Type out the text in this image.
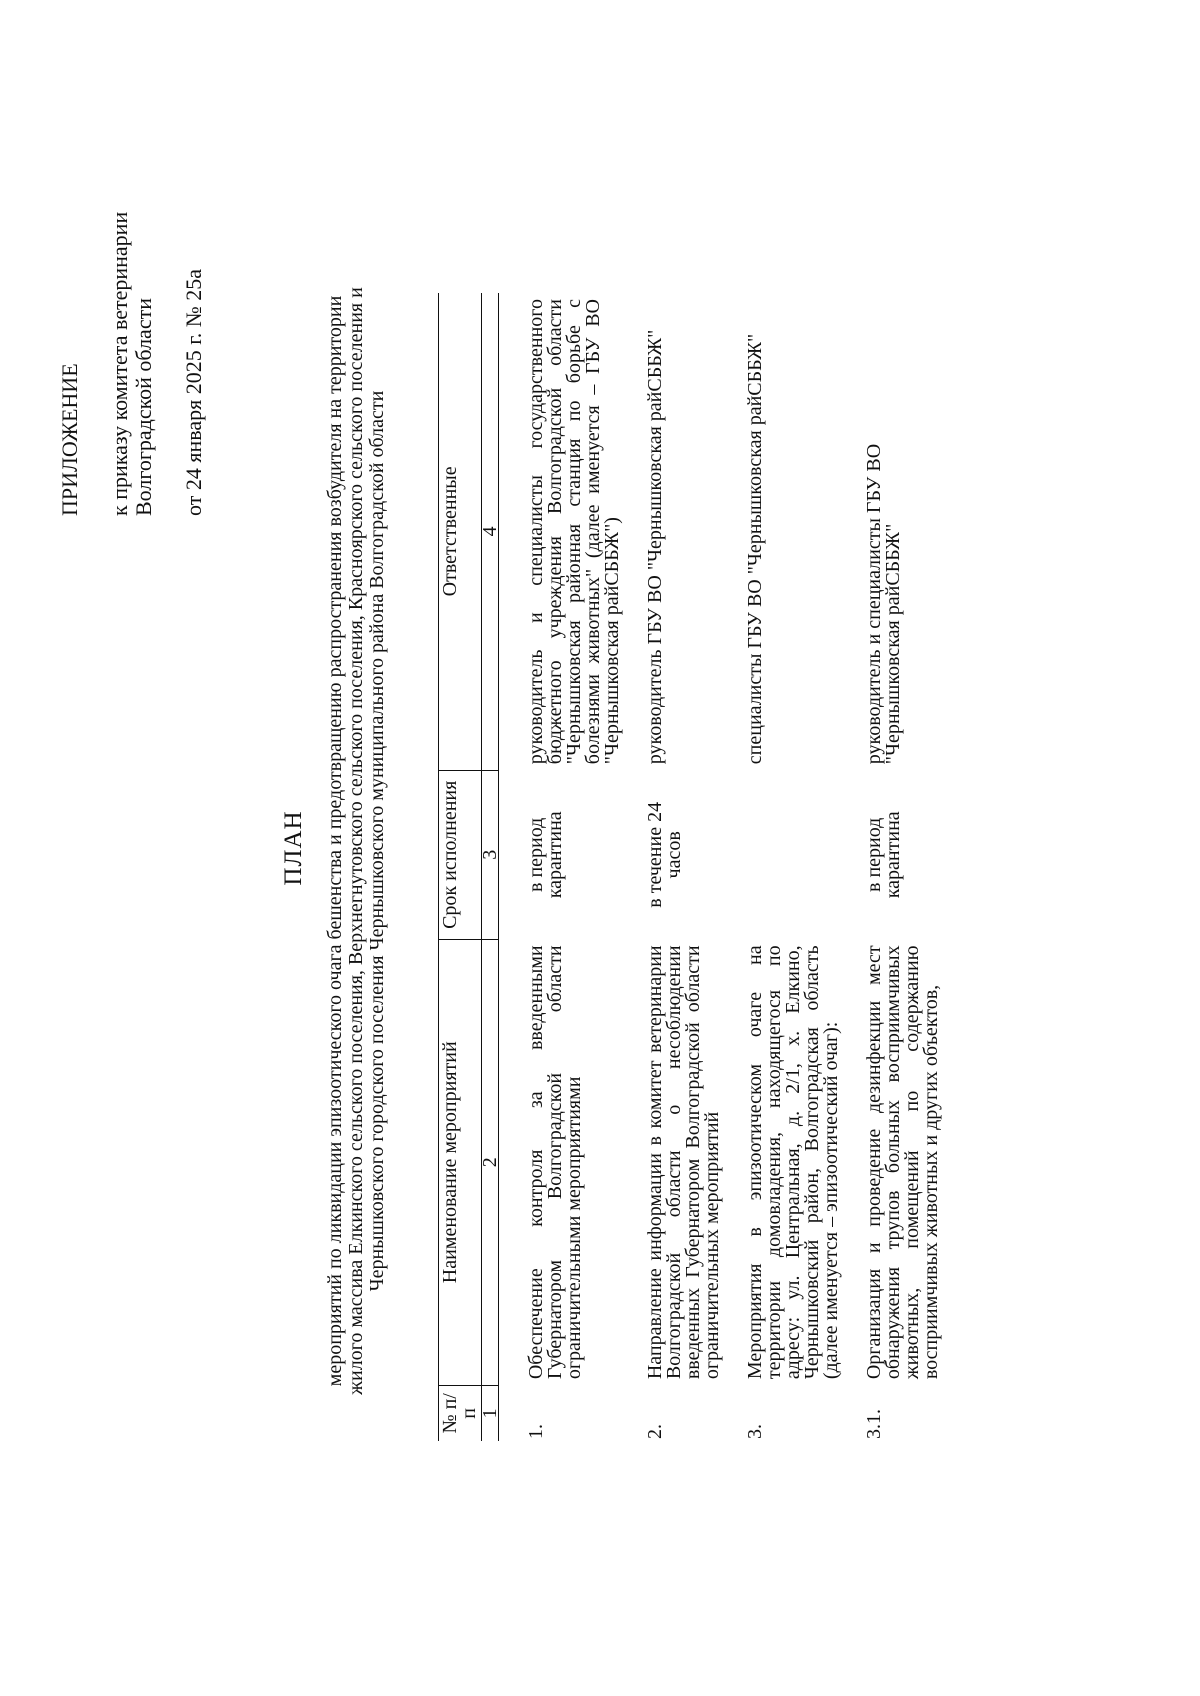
ПРИЛОЖЕНИЕ к приказу комитета ветеринарии Волгоградской области от 24 января 2025 г. № 25а
ПЛАН мероприятий по ликвидации эпизоотического очага бешенства и предотвращению распространения возбудителя на территории жилого массива Елкинского сельского поселения, Верхнегнутовского сельского поселения, Краснoярского сельского поселения и Чернышковского городского поселения Чернышковского муниципального района Волгоградской области
№ п/п	Наименование мероприятий	Срок исполнения	Ответственные
1	2	3	4
1.	Обеспечение контроля за введенными Губернатором Волгоградской области ограничительными мероприятиями	в период карантина	руководитель и специалисты государственного бюджетного учреждения Волгоградской области "Чернышковская районная станция по борьбе с болезнями животных" (далее именуется – ГБУ ВО "Чернышковская райСББЖ")
2.	Направление информации в комитет ветеринарии Волгоградской области о несоблюдении введенных Губернатором Волгоградской области ограничительных мероприятий	в течение 24 часов	руководитель ГБУ ВО "Чернышковская райСББЖ"
3.	Мероприятия в эпизоотическом очаге на территории домовладения, находящегося по адресу: ул. Центральная, д. 2/1, х. Елкино, Чернышковский район, Волгоградская область (далее именуется – эпизоотический очаг):		специалисты ГБУ ВО "Чернышковская райСББЖ"
3.1.	Организация и проведение дезинфекции мест обнаружения трупов больных восприимчивых животных, помещений по содержанию восприимчивых животных и других объектов,	в период карантина	руководитель и специалисты ГБУ ВО "Чернышковская райСББЖ"
